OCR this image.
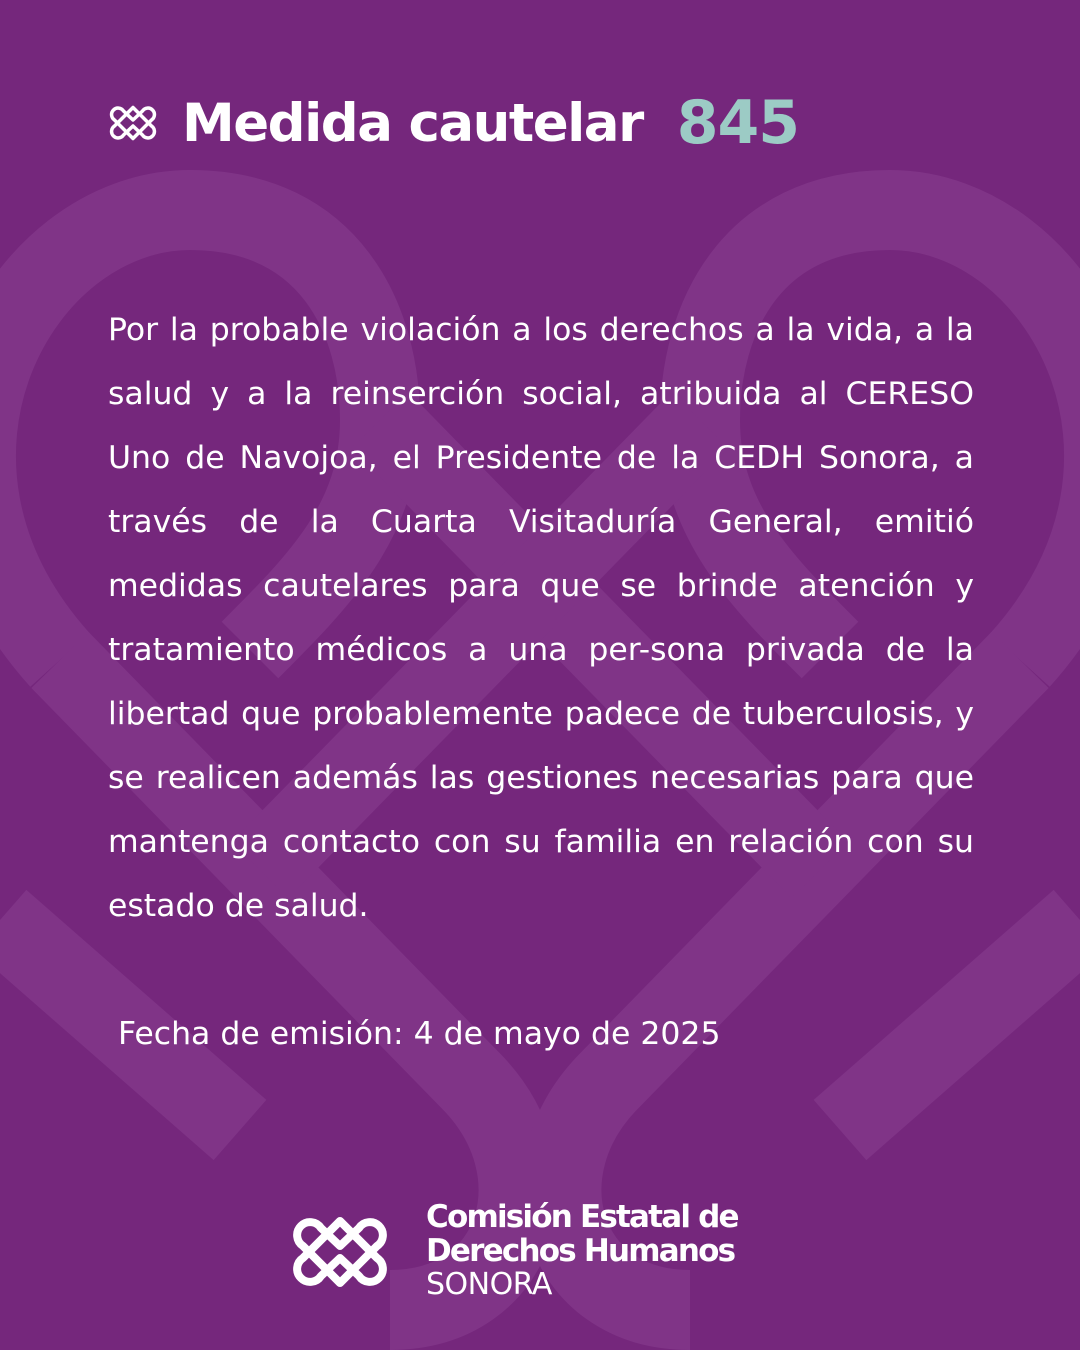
Medida cautelar 845
Por la probable violación a los derechos a la vida, a la salud y a la reinserción social, atribuida al CERESO Uno de Navojoa, el Presidente de la CEDH Sonora, a través de la Cuarta Visitaduría General, emitió medidas cautelares para que se brinde atención y tratamiento médicos a una per-sona privada de la libertad que probablemente padece de tuberculosis, y se realicen además las gestiones necesarias para que mantenga contacto con su familia en relación con su estado de salud.
Fecha de emisión: 4 de mayo de 2025
Comisión Estatal de
Derechos Humanos
SONORA
